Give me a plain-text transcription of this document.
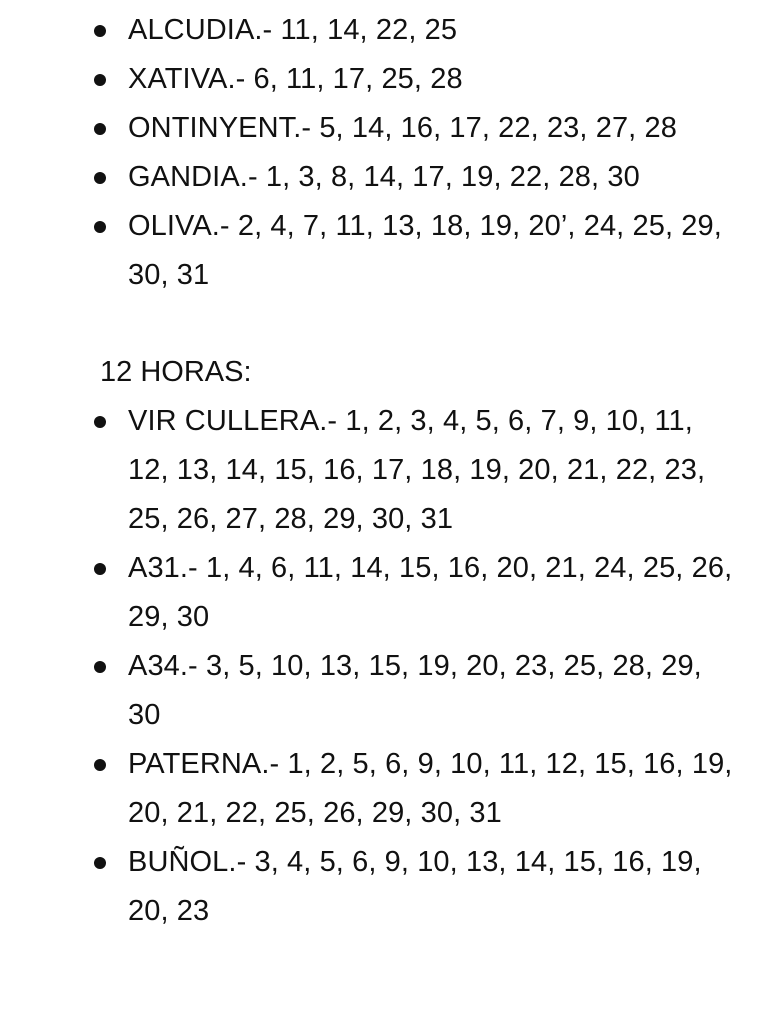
ALCUDIA.- 11, 14, 22, 25
XATIVA.- 6, 11, 17, 25, 28
ONTINYENT.- 5, 14, 16, 17, 22, 23, 27, 28
GANDIA.- 1, 3, 8, 14, 17, 19, 22, 28, 30
OLIVA.- 2, 4, 7, 11, 13, 18, 19, 20’, 24, 25, 29, 30, 31
12 HORAS:
VIR CULLERA.- 1, 2, 3, 4, 5, 6, 7, 9, 10, 11, 12, 13, 14, 15, 16, 17, 18, 19, 20, 21, 22, 23, 25, 26, 27, 28, 29, 30, 31
A31.- 1, 4, 6, 11, 14, 15, 16, 20, 21, 24, 25, 26, 29, 30
A34.- 3, 5, 10, 13, 15, 19, 20, 23, 25, 28, 29, 30
PATERNA.- 1, 2, 5, 6, 9, 10, 11, 12, 15, 16, 19, 20, 21, 22, 25, 26, 29, 30, 31
BUÑOL.- 3, 4, 5, 6, 9, 10, 13, 14, 15, 16, 19, 20, 23
